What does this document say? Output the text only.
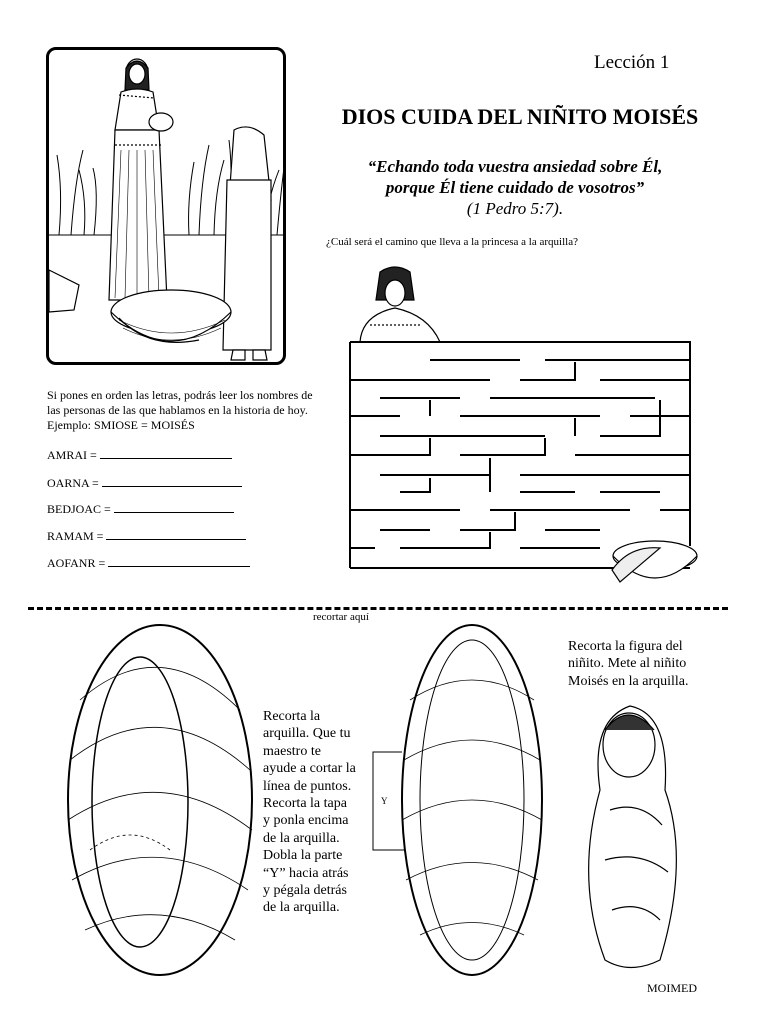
Lección 1
DIOS CUIDA DEL NIÑITO MOISÉS
“Echando toda vuestra ansiedad sobre Él,
porque Él tiene cuidado de vosotros”
(1 Pedro 5:7).
¿Cuál será el camino que lleva a la princesa a la arquilla?
Si pones en orden las letras, podrás leer los nombres de
las personas de las que hablamos en la historia de hoy.
Ejemplo: SMIOSE = MOISÉS
AMRAI =
OARNA =
BEDJOAC =
RAMAM =
AOFANR =
recortar aquí
Y
Recorta la
arquilla. Que tu
maestro te
ayude a cortar la
línea de puntos.
Recorta la tapa
y ponla encima
de la arquilla.
Dobla la parte
“Y” hacia atrás
y pégala detrás
de la arquilla.
Recorta la figura del
niñito. Mete al niñito
Moisés en la arquilla.
MOIMED
